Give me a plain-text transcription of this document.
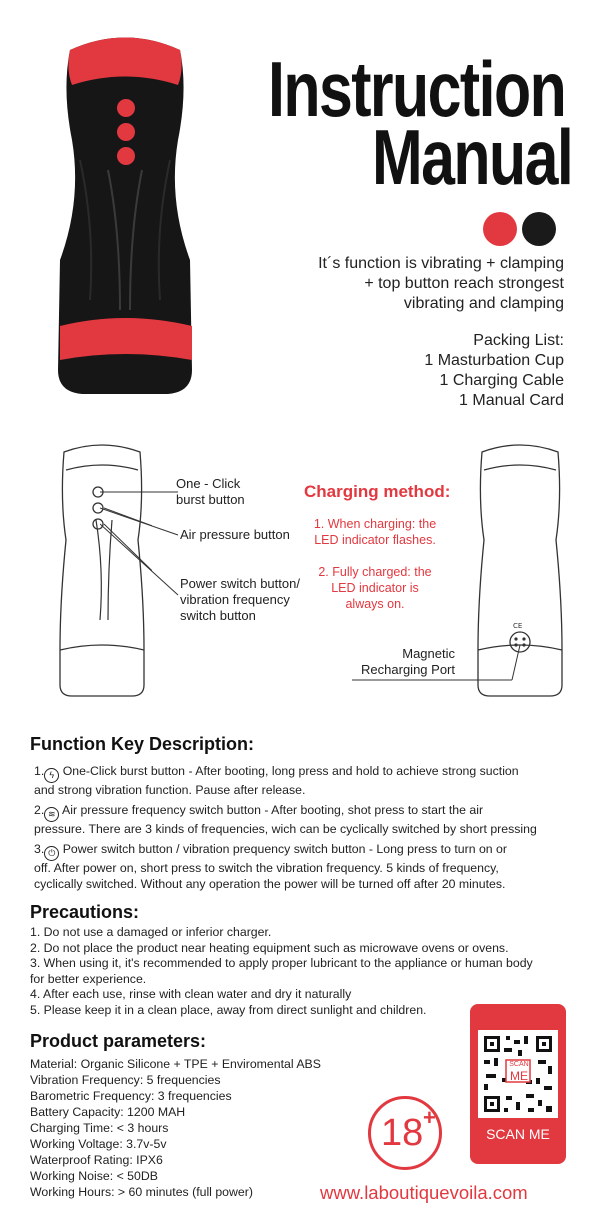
Instruction
Manual
It´s function is vibrating + clamping
+ top button reach strongest
vibrating and clamping
Packing List:
1 Masturbation Cup
1 Charging Cable
1 Manual Card
One - Click
burst button
Air pressure button
Power switch button/
vibration frequency
switch button
Charging method:
1. When charging: the
LED indicator flashes.
2. Fully charged: the
LED indicator is
always on.
CE
Magnetic
Recharging Port
Function Key Description:
1. ϟ One-Click burst button - After booting, long press and hold to achieve strong suction
and strong vibration function. Pause after release.
2. ≋ Air pressure frequency switch button - After booting, shot press to start the air
pressure. There are 3 kinds of frequencies, wich can be cyclically switched by short pressing
3. ⏻ Power switch button / vibration prequency switch button - Long press to turn on or
off. After power on, short press to switch the vibration frequency. 5 kinds of frequency,
cyclically switched. Without any operation the power will be turned off after 20 minutes.
Precautions:
1. Do not use a damaged or inferior charger.
2. Do not place the product near heating equipment such as microwave ovens or ovens.
3. When using it, it's recommended to apply proper lubricant to the appliance or human body
for better experience.
4. After each use, rinse with clean water and dry it naturally
5. Please keep it in a clean place, away from direct sunlight and children.
Product parameters:
Material: Organic Silicone + TPE + Enviromental ABS
Vibration Frequency: 5 frequencies
Barometric Frequency: 3 frequencies
Battery Capacity: 1200 MAH
Charging Time: < 3 hours
Working Voltage: 3.7v-5v
Waterproof Rating: IPX6
Working Noise: < 50DB
Working Hours: > 60 minutes (full power)
18 +
SCAN
ME
SCAN ME
www.laboutiquevoila.com
